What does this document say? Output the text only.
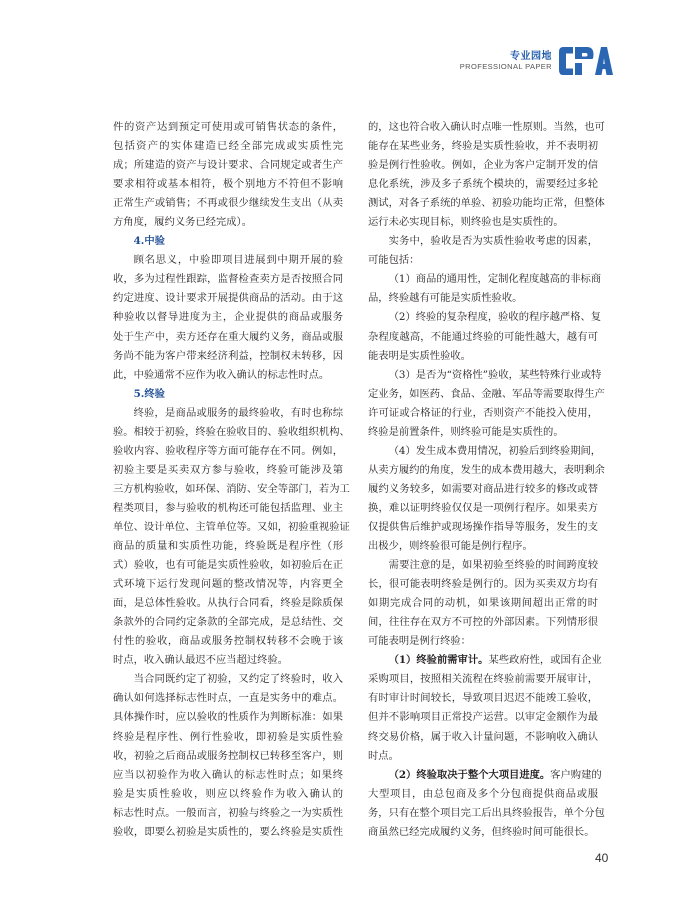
专业园地
PROFESSIONAL PAPER
件的资产达到预定可使用或可销售状态的条件，
包括资产的实体建造已经全部完成或实质性完
成；所建造的资产与设计要求、合同规定或者生产
要求相符或基本相符，极个别地方不符但不影响
正常生产或销售；不再或很少继续发生支出（从卖
方角度，履约义务已经完成）。
4.中验
顾名思义，中验即项目进展到中期开展的验
收，多为过程性跟踪，监督检查卖方是否按照合同
约定进度、设计要求开展提供商品的活动。由于这
种验收以督导进度为主，企业提供的商品或服务
处于生产中，卖方还存在重大履约义务，商品或服
务尚不能为客户带来经济利益，控制权未转移，因
此，中验通常不应作为收入确认的标志性时点。
5.终验
终验，是商品或服务的最终验收，有时也称综
验。相较于初验，终验在验收目的、验收组织机构、
验收内容、验收程序等方面可能存在不同。例如，
初验主要是买卖双方参与验收，终验可能涉及第
三方机构验收，如环保、消防、安全等部门，若为工
程类项目，参与验收的机构还可能包括监理、业主
单位、设计单位、主管单位等。又如，初验重视验证
商品的质量和实质性功能，终验既是程序性（形
式）验收，也有可能是实质性验收，如初验后在正
式环境下运行发现问题的整改情况等，内容更全
面，是总体性验收。从执行合同看，终验是除质保
条款外的合同约定条款的全部完成，是总结性、交
付性的验收，商品或服务控制权转移不会晚于该
时点，收入确认最迟不应当超过终验。
当合同既约定了初验，又约定了终验时，收入
确认如何选择标志性时点，一直是实务中的难点。
具体操作时，应以验收的性质作为判断标准：如果
终验是程序性、例行性验收，即初验是实质性验
收，初验之后商品或服务控制权已转移至客户，则
应当以初验作为收入确认的标志性时点；如果终
验是实质性验收，则应以终验作为收入确认的
标志性时点。一般而言，初验与终验之一为实质性
验收，即要么初验是实质性的，要么终验是实质性
的，这也符合收入确认时点唯一性原则。当然，也可
能存在某些业务，终验是实质性验收，并不表明初
验是例行性验收。例如，企业为客户定制开发的信
息化系统，涉及多子系统个模块的，需要经过多轮
测试，对各子系统的单验、初验功能均正常，但整体
运行未必实现目标，则终验也是实质性的。
实务中，验收是否为实质性验收考虑的因素，
可能包括：
（1）商品的通用性，定制化程度越高的非标商
品，终验越有可能是实质性验收。
（2）终验的复杂程度，验收的程序越严格、复
杂程度越高，不能通过终验的可能性越大，越有可
能表明是实质性验收。
（3）是否为“资格性”验收，某些特殊行业或特
定业务，如医药、食品、金融、军品等需要取得生产
许可证或合格证的行业，否则资产不能投入使用，
终验是前置条件，则终验可能是实质性的。
（4）发生成本费用情况，初验后到终验期间，
从卖方履约的角度，发生的成本费用越大，表明剩余
履约义务较多，如需要对商品进行较多的修改或替
换，难以证明终验仅仅是一项例行程序。如果卖方
仅提供售后维护或现场操作指导等服务，发生的支
出极少，则终验很可能是例行程序。
需要注意的是，如果初验至终验的时间跨度较
长，很可能表明终验是例行的。因为买卖双方均有
如期完成合同的动机，如果该期间超出正常的时
间，往往存在双方不可控的外部因素。下列情形很
可能表明是例行终验：
（1）终验前需审计。某些政府性，或国有企业
采购项目，按照相关流程在终验前需要开展审计，
有时审计时间较长，导致项目迟迟不能竣工验收，
但并不影响项目正常投产运营。以审定金额作为最
终交易价格，属于收入计量问题，不影响收入确认
时点。
（2）终验取决于整个大项目进度。客户购建的
大型项目，由总包商及多个分包商提供商品或服
务，只有在整个项目完工后出具终验报告，单个分包
商虽然已经完成履约义务，但终验时间可能很长。
40
